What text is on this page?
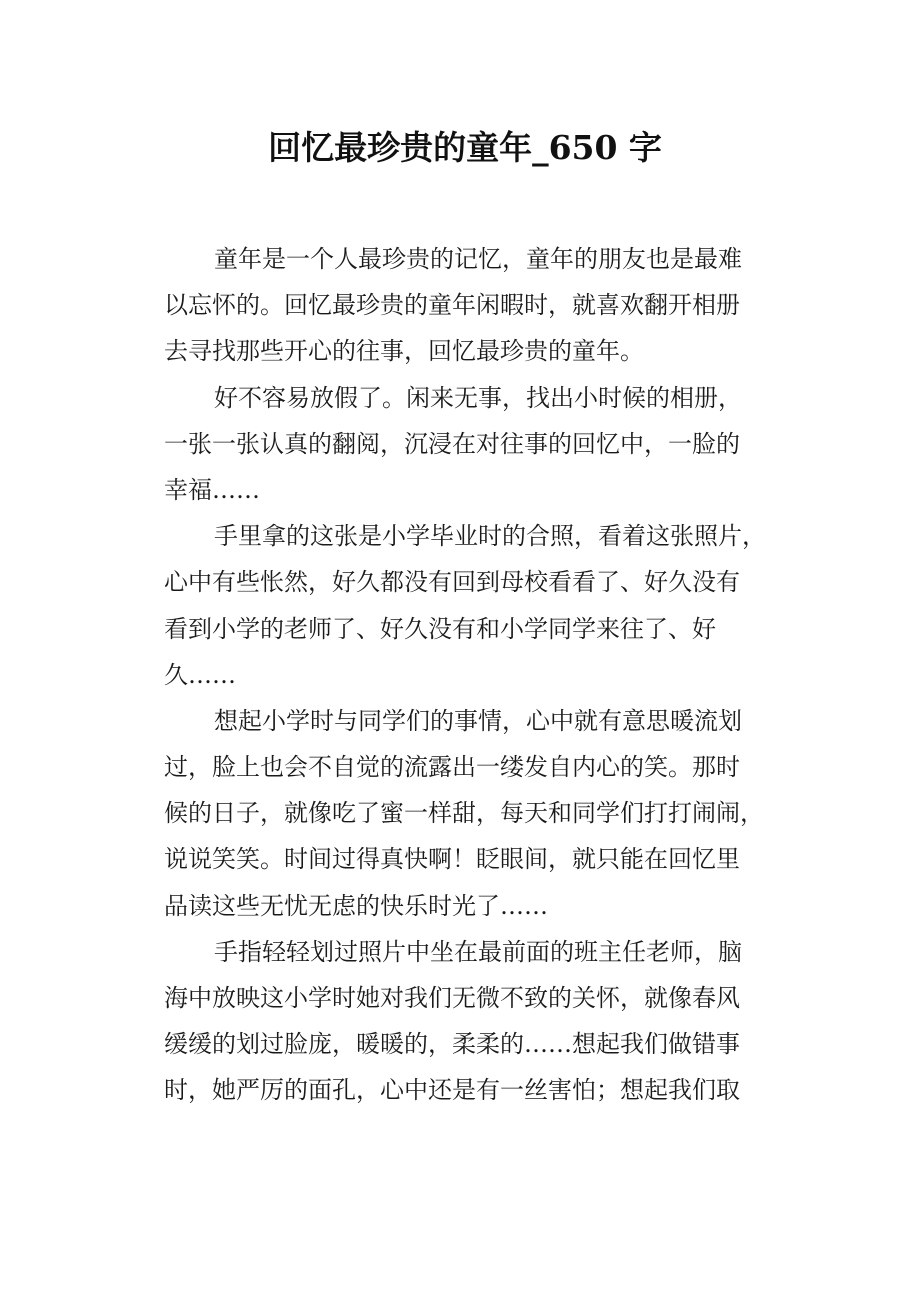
回忆最珍贵的童年_650 字

童年是一个人最珍贵的记忆，童年的朋友也是最难
以忘怀的。回忆最珍贵的童年闲暇时，就喜欢翻开相册
去寻找那些开心的往事，回忆最珍贵的童年。

好不容易放假了。闲来无事，找出小时候的相册，
一张一张认真的翻阅，沉浸在对往事的回忆中，一脸的
幸福……

手里拿的这张是小学毕业时的合照，看着这张照片，
心中有些怅然，好久都没有回到母校看看了、好久没有
看到小学的老师了、好久没有和小学同学来往了、好
久……

想起小学时与同学们的事情，心中就有意思暖流划
过，脸上也会不自觉的流露出一缕发自内心的笑。那时
候的日子，就像吃了蜜一样甜，每天和同学们打打闹闹，
说说笑笑。时间过得真快啊！眨眼间，就只能在回忆里
品读这些无忧无虑的快乐时光了……

手指轻轻划过照片中坐在最前面的班主任老师，脑
海中放映这小学时她对我们无微不致的关怀，就像春风
缓缓的划过脸庞，暖暖的，柔柔的……想起我们做错事
时，她严厉的面孔，心中还是有一丝害怕；想起我们取
